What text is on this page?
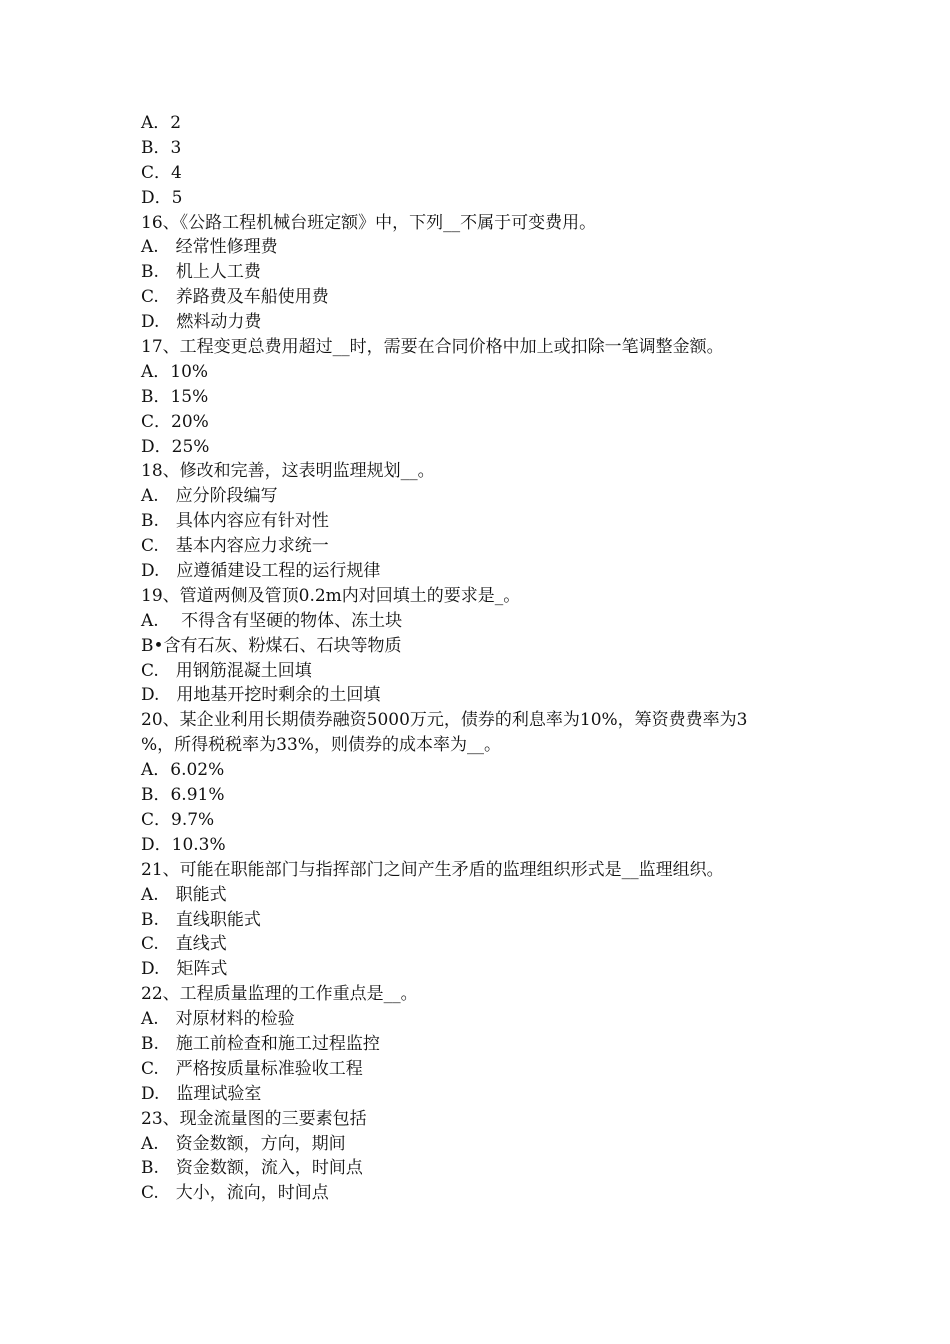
A．2
B．3
C．4
D．5
16、《公路工程机械台班定额》中，下列__不属于可变费用。
A.　经常性修理费
B.　机上人工费
C.　养路费及车船使用费
D.　燃料动力费
17、工程变更总费用超过__时，需要在合同价格中加上或扣除一笔调整金额。
A．10%
B．15%
C．20%
D．25%
18、修改和完善，这表明监理规划__。
A.　应分阶段编写
B.　具体内容应有针对性
C.　基本内容应力求统一
D.　应遵循建设工程的运行规律
19、管道两侧及管顶0.2m内对回填土的要求是_。
A.　 不得含有坚硬的物体、冻土块
B•含有石灰、粉煤石、石块等物质
C.　用钢筋混凝土回填
D.　用地基开挖时剩余的土回填
20、某企业利用长期债券融资5000万元，债券的利息率为10%，筹资费费率为3
%，所得税税率为33%，则债券的成本率为__。
A．6.02%
B．6.91%
C．9.7%
D．10.3%
21、可能在职能部门与指挥部门之间产生矛盾的监理组织形式是__监理组织。
A.　职能式
B.　直线职能式
C.　直线式
D.　矩阵式
22、工程质量监理的工作重点是__。
A.　对原材料的检验
B.　施工前检查和施工过程监控
C.　严格按质量标准验收工程
D.　监理试验室
23、现金流量图的三要素包括
A.　资金数额，方向，期间
B.　资金数额，流入，时间点
C.　大小，流向，时间点
